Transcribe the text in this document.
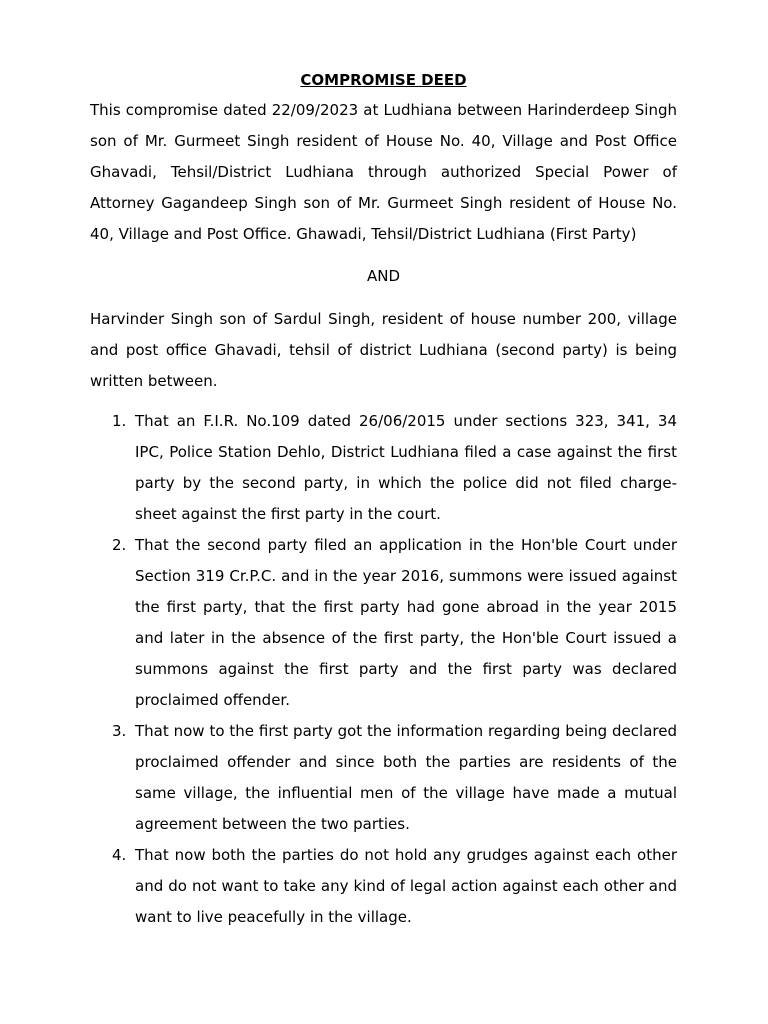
COMPROMISE DEED

This compromise dated 22/09/2023 at Ludhiana between Harinderdeep Singh son of Mr. Gurmeet Singh resident of House No. 40, Village and Post Office Ghavadi, Tehsil/District Ludhiana through authorized Special Power of Attorney Gagandeep Singh son of Mr. Gurmeet Singh resident of House No. 40, Village and Post Office. Ghawadi, Tehsil/District Ludhiana (First Party)

AND

Harvinder Singh son of Sardul Singh, resident of house number 200, village and post office Ghavadi, tehsil of district Ludhiana (second party) is being written between.

1. That an F.I.R. No.109 dated 26/06/2015 under sections 323, 341, 34 IPC, Police Station Dehlo, District Ludhiana filed a case against the first party by the second party, in which the police did not filed charge-sheet against the first party in the court.
2. That the second party filed an application in the Hon'ble Court under Section 319 Cr.P.C. and in the year 2016, summons were issued against the first party, that the first party had gone abroad in the year 2015 and later in the absence of the first party, the Hon'ble Court issued a summons against the first party and the first party was declared proclaimed offender.
3. That now to the first party got the information regarding being declared proclaimed offender and since both the parties are residents of the same village, the influential men of the village have made a mutual agreement between the two parties.
4. That now both the parties do not hold any grudges against each other and do not want to take any kind of legal action against each other and want to live peacefully in the village.
